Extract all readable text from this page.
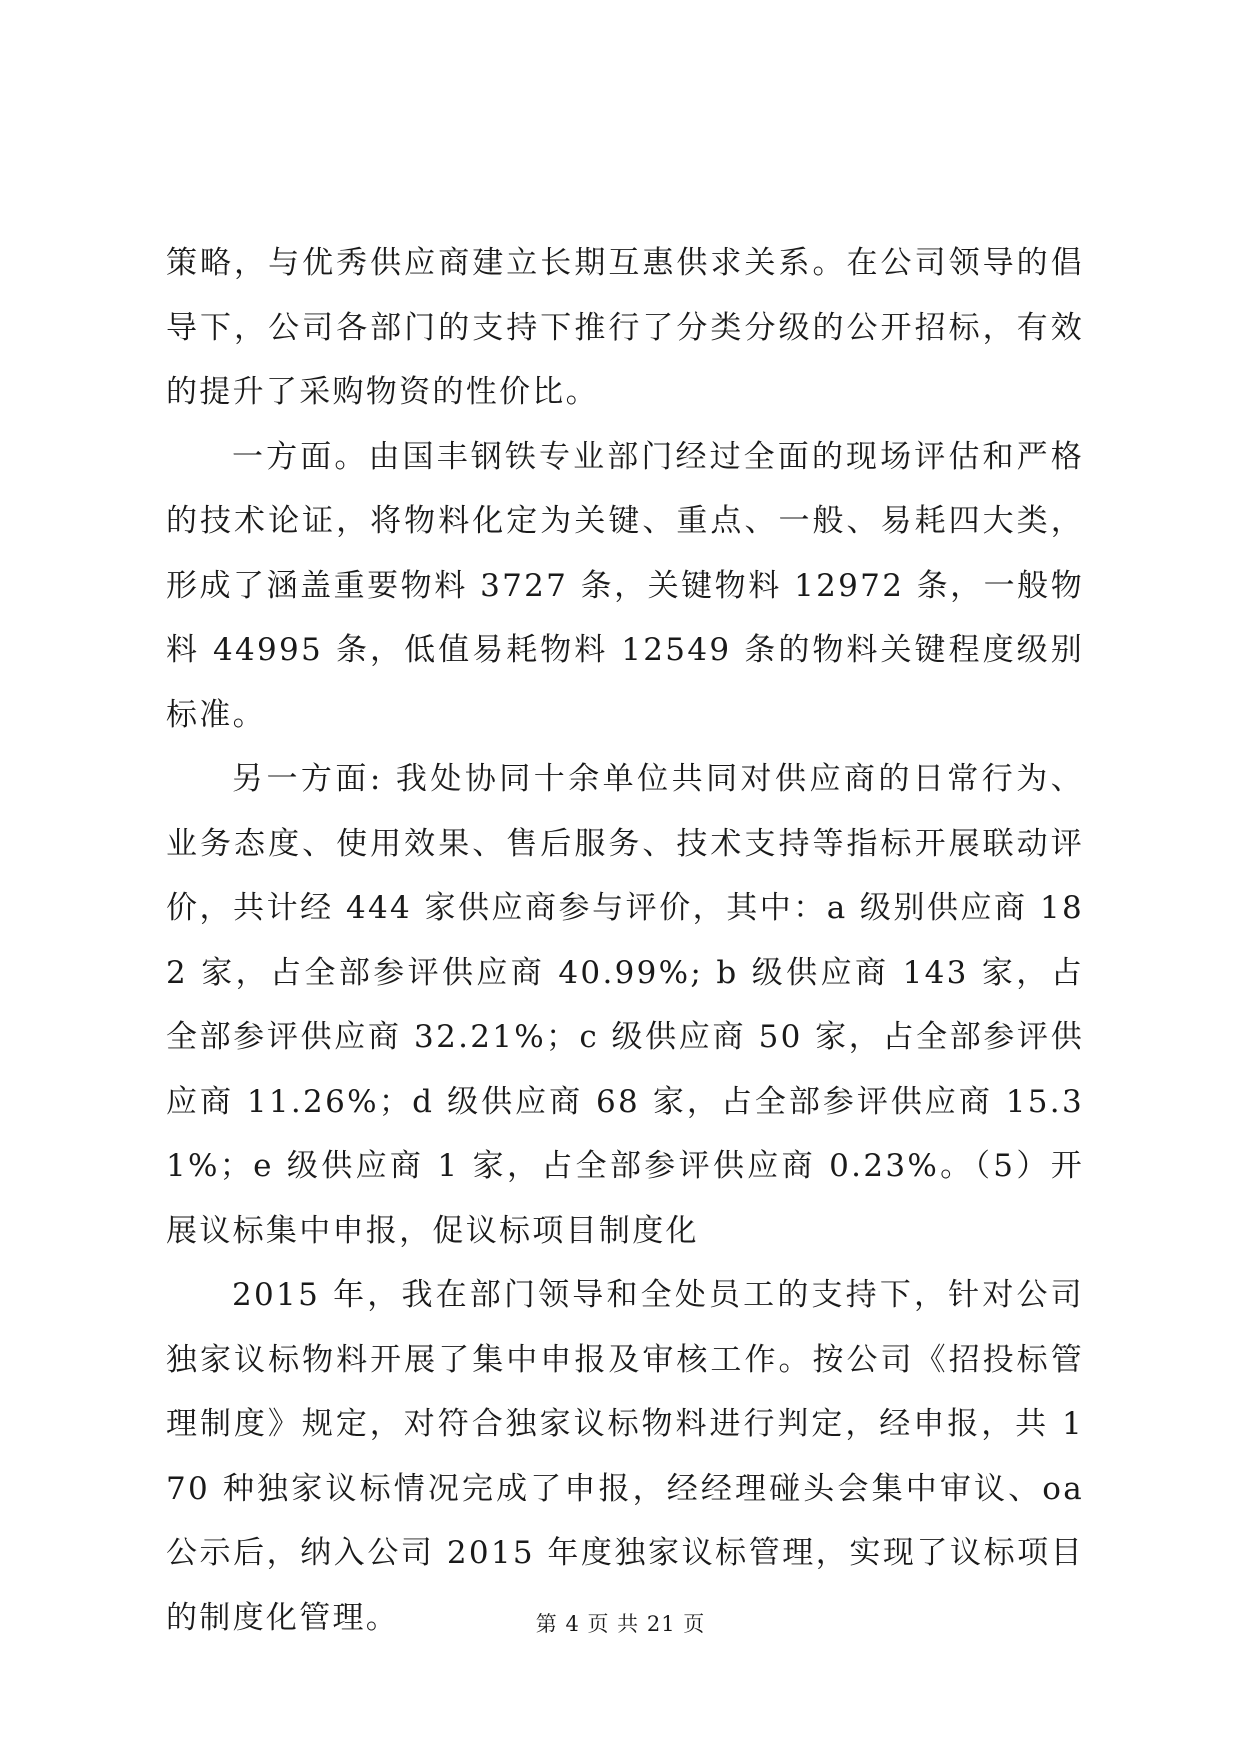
策略，与优秀供应商建立长期互惠供求关系。在公司领导的倡导下，公司各部门的支持下推行了分类分级的公开招标，有效的提升了采购物资的性价比。

一方面。由国丰钢铁专业部门经过全面的现场评估和严格的技术论证，将物料化定为关键、重点、一般、易耗四大类，形成了涵盖重要物料 3727 条，关键物料 12972 条，一般物料 44995 条，低值易耗物料 12549 条的物料关键程度级别标准。

另一方面: 我处协同十余单位共同对供应商的日常行为、业务态度、使用效果、售后服务、技术支持等指标开展联动评价，共计经 444 家供应商参与评价，其中：a 级别供应商 182 家，占全部参评供应商 40.99%; b 级供应商 143 家，占全部参评供应商 32.21%；c 级供应商 50 家，占全部参评供应商 11.26%；d 级供应商 68 家，占全部参评供应商 15.31%；e 级供应商 1 家，占全部参评供应商 0.23%。（5）开展议标集中申报，促议标项目制度化

2015 年，我在部门领导和全处员工的支持下，针对公司独家议标物料开展了集中申报及审核工作。按公司《招投标管理制度》规定，对符合独家议标物料进行判定，经申报，共 170 种独家议标情况完成了申报，经经理碰头会集中审议、oa 公示后，纳入公司 2015 年度独家议标管理，实现了议标项目的制度化管理。	第 4 页 共 21 页
